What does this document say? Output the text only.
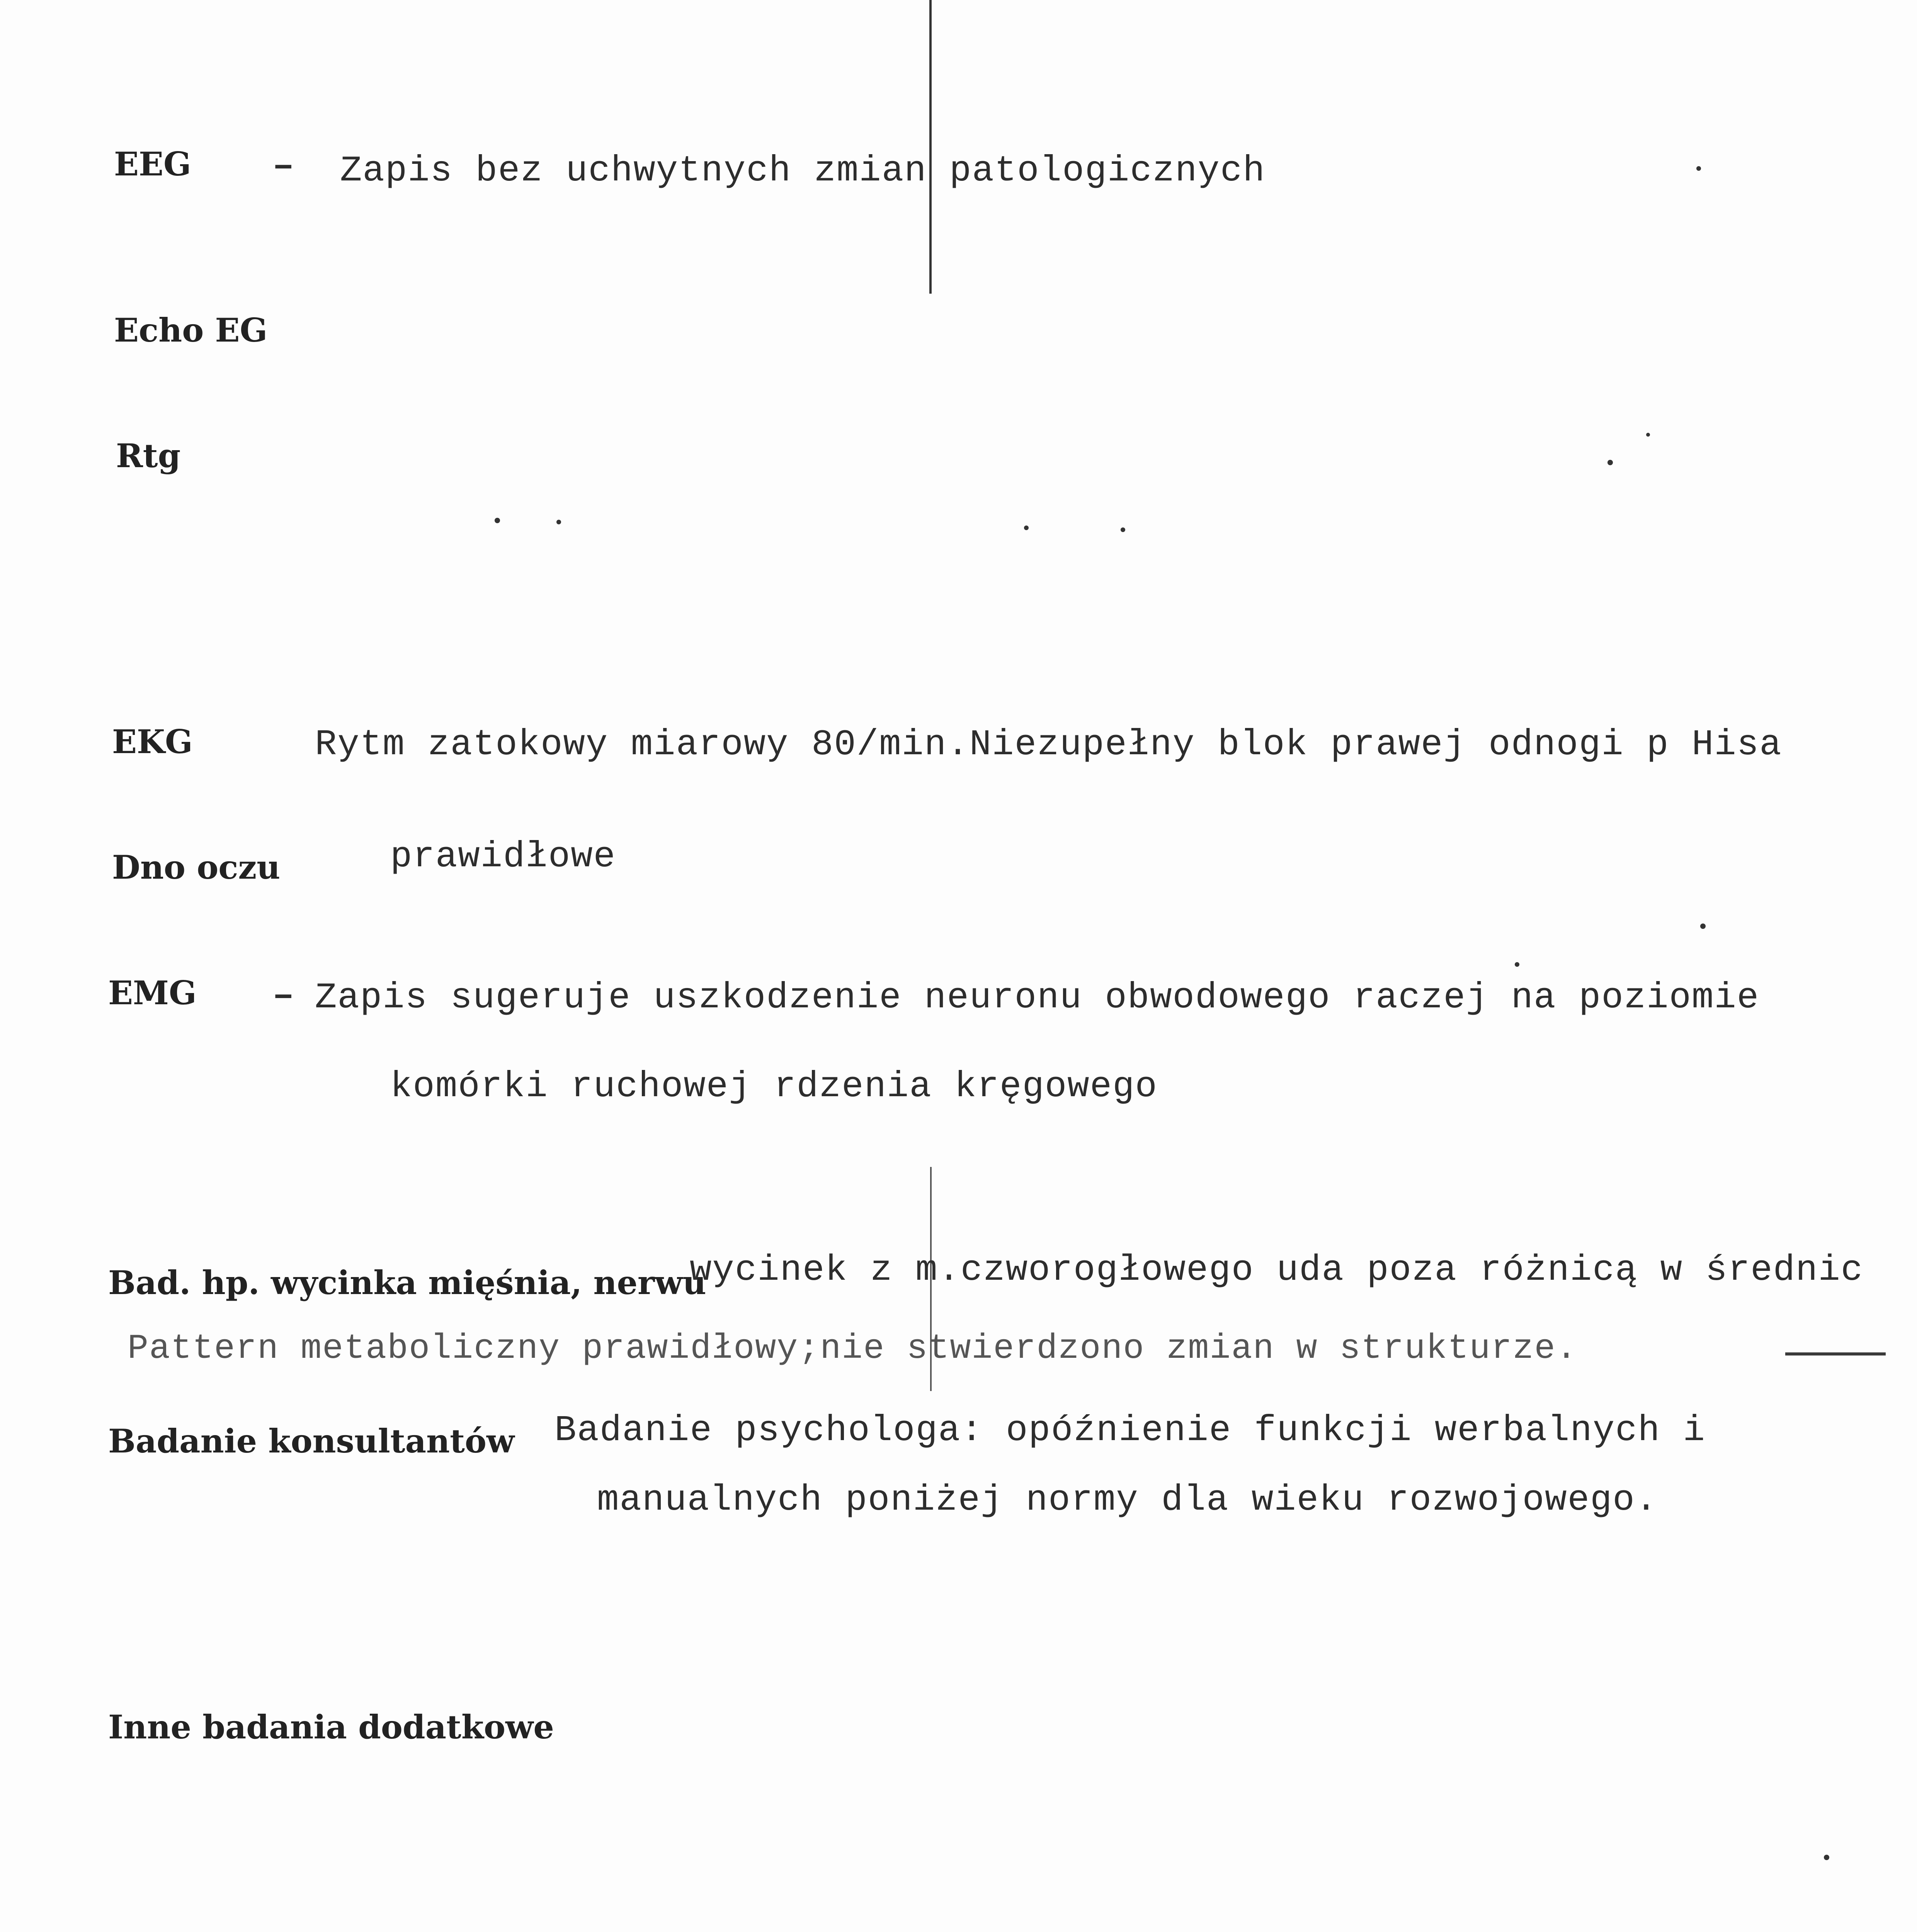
EEG – Zapis bez uchwytnych zmian patologicznych
Echo EG
Rtg
EKG	Rytm zatokowy miarowy 80/min.Niezupełny blok prawej odnogi p Hisa
Dno oczu	prawidłowe
EMG – Zapis sugeruje uszkodzenie neuronu obwodowego raczej na poziomie
komórki ruchowej rdzenia kręgowego
Bad. hp. wycinka mięśnia, nerwu
wycinek z m.czworogłowego uda poza różnicą w średnic
Pattern metaboliczny prawidłowy;nie stwierdzono zmian w strukturze.
Badanie konsultantów Badanie psychologa: opóźnienie funkcji werbalnych i
manualnych poniżej normy dla wieku rozwojowego.
Inne badania dodatkowe
